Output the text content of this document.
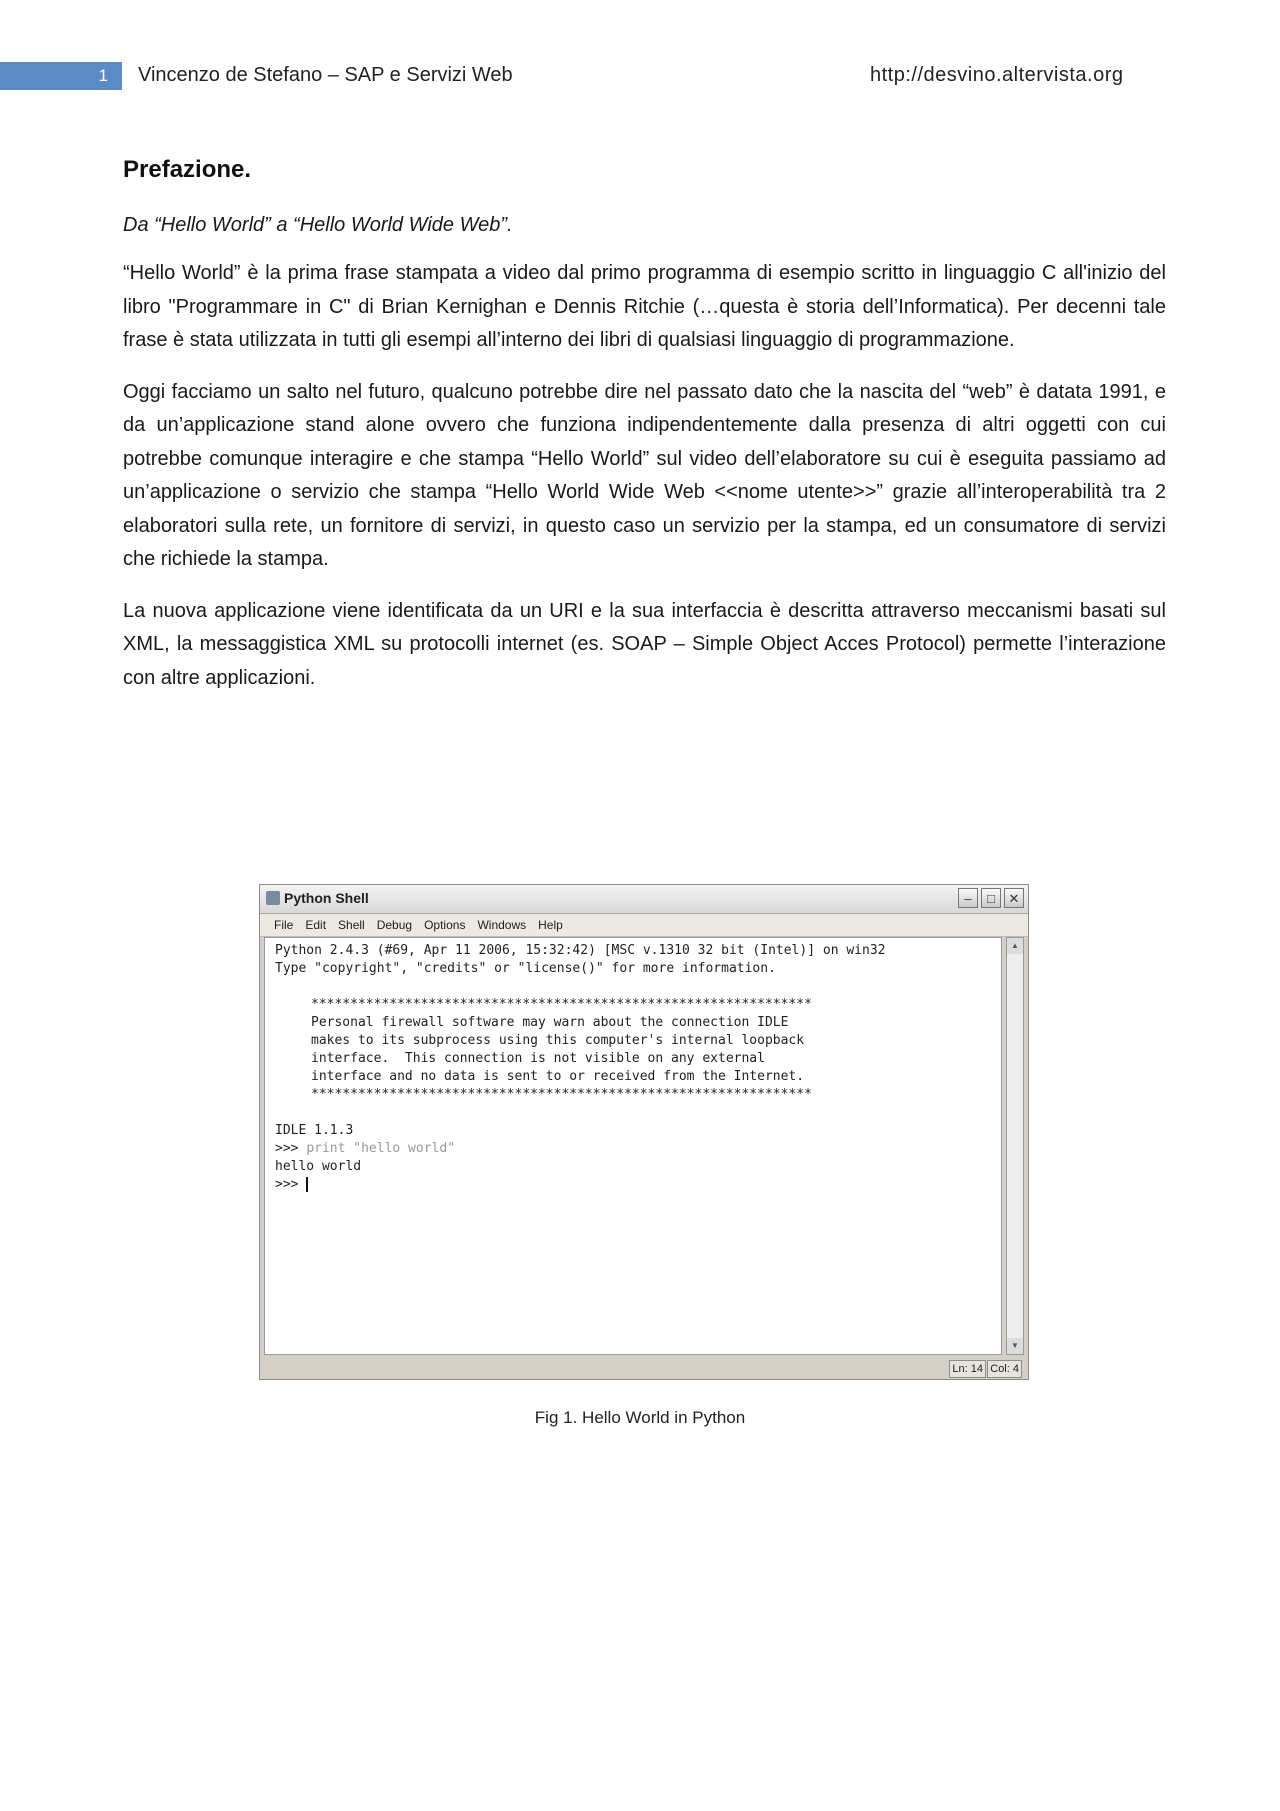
1	Vincenzo de Stefano – SAP e Servizi Web	http://desvino.altervista.org
Prefazione.
Da “Hello World” a “Hello World Wide Web”.

“Hello World” è la prima frase stampata a video dal primo programma di esempio scritto in linguaggio C all'inizio del libro "Programmare in C" di Brian Kernighan e Dennis Ritchie (…questa è storia dell’Informatica). Per decenni tale frase è stata utilizzata in tutti gli esempi all’interno dei libri di qualsiasi linguaggio di programmazione.

Oggi facciamo un salto nel futuro, qualcuno potrebbe dire nel passato dato che la nascita del “web” è datata 1991, e da un’applicazione stand alone ovvero che funziona indipendentemente dalla presenza di altri oggetti con cui potrebbe comunque interagire e che stampa “Hello World” sul video dell’elaboratore su cui è eseguita passiamo ad un’applicazione o servizio che stampa “Hello World Wide Web <<nome utente>>” grazie all’interoperabilità tra 2 elaboratori sulla rete, un fornitore di servizi, in questo caso un servizio per la stampa, ed un consumatore di servizi che richiede la stampa.

La nuova applicazione viene identificata da un URI e la sua interfaccia è descritta attraverso meccanismi basati sul XML, la messaggistica XML su protocolli internet (es. SOAP – Simple Object Acces Protocol) permette l’interazione con altre applicazioni.

Python Shell	–	□	✕
File	Edit	Shell	Debug	Options	Windows	Help
Python 2.4.3 (#69, Apr 11 2006, 15:32:42) [MSC v.1310 32 bit (Intel)] on win32
Type "copyright", "credits" or "license()" for more information.
****************************************************************
Personal firewall software may warn about the connection IDLE
makes to its subprocess using this computer's internal loopback
interface.  This connection is not visible on any external
interface and no data is sent to or received from the Internet.
****************************************************************
IDLE 1.1.3
>>> print "hello world"
hello world
>>>
▲
▼
Ln: 14 Col: 4
Fig 1. Hello World in Python
